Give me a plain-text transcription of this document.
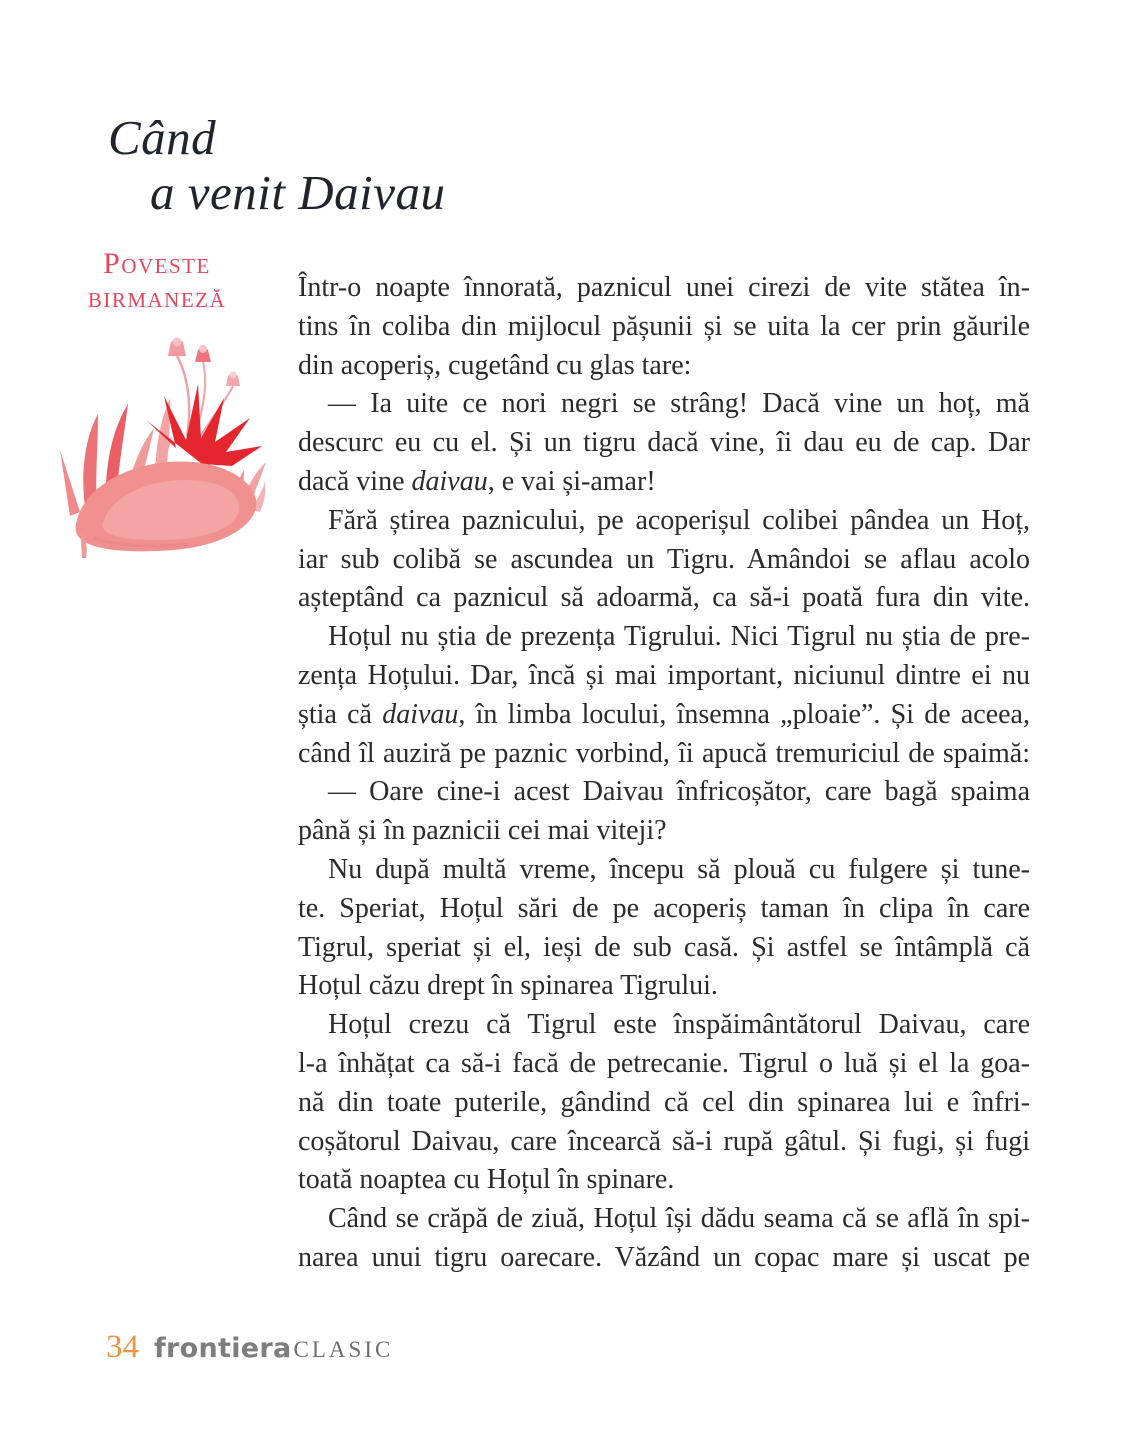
Când
a venit Daivau
Poveste
birmaneză	Într-o noapte înnorată, paznicul unei cirezi de vite stătea în-
tins în coliba din mijlocul pășunii și se uita la cer prin găurile
din acoperiș, cugetând cu glas tare:
— Ia uite ce nori negri se strâng! Dacă vine un hoț, mă
descurc eu cu el. Și un tigru dacă vine, îi dau eu de cap. Dar
dacă vine daivau, e vai și-amar!
Fără știrea paznicului, pe acoperișul colibei pândea un Hoț,
iar sub colibă se ascundea un Tigru. Amândoi se aflau acolo
așteptând ca paznicul să adoarmă, ca să-i poată fura din vite.
Hoțul nu știa de prezența Tigrului. Nici Tigrul nu știa de pre-
zența Hoțului. Dar, încă și mai important, niciunul dintre ei nu
știa că daivau, în limba locului, însemna „ploaie”. Și de aceea,
când îl auziră pe paznic vorbind, îi apucă tremuriciul de spaimă:
— Oare cine-i acest Daivau înfricoșător, care bagă spaima
până și în paznicii cei mai viteji?
Nu după multă vreme, începu să plouă cu fulgere și tune-
te. Speriat, Hoțul sări de pe acoperiș taman în clipa în care
Tigrul, speriat și el, ieși de sub casă. Și astfel se întâmplă că
Hoțul căzu drept în spinarea Tigrului.
Hoțul crezu că Tigrul este înspăimântătorul Daivau, care
l-a înhățat ca să-i facă de petrecanie. Tigrul o luă și el la goa-
nă din toate puterile, gândind că cel din spinarea lui e înfri-
coșătorul Daivau, care încearcă să-i rupă gâtul. Și fugi, și fugi
toată noaptea cu Hoțul în spinare.
Când se crăpă de ziuă, Hoțul își dădu seama că se află în spi-
narea unui tigru oarecare. Văzând un copac mare și uscat pe
34 frontiera CLASIC
